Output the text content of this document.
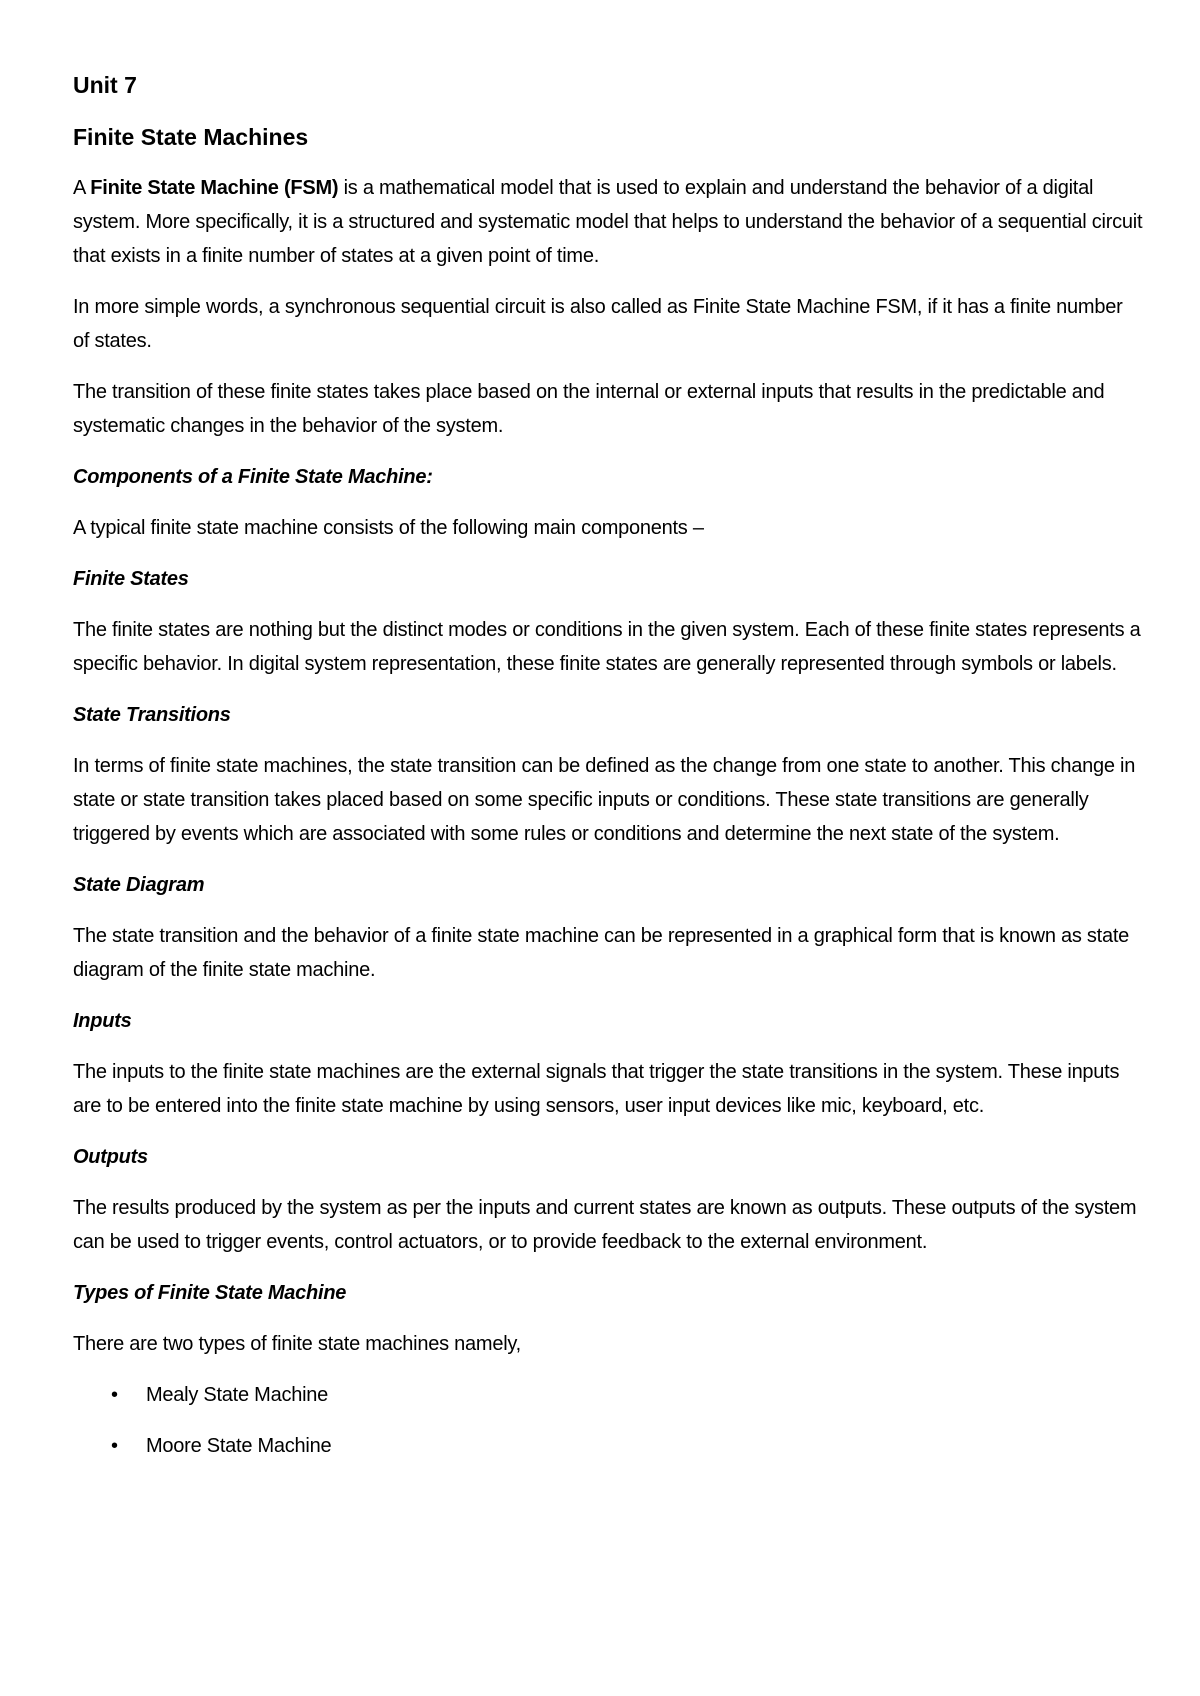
Unit 7
Finite State Machines

A Finite State Machine (FSM) is a mathematical model that is used to explain and understand the behavior of a digital system. More specifically, it is a structured and systematic model that helps to understand the behavior of a sequential circuit that exists in a finite number of states at a given point of time.

In more simple words, a synchronous sequential circuit is also called as Finite State Machine FSM, if it has a finite number of states.

The transition of these finite states takes place based on the internal or external inputs that results in the predictable and systematic changes in the behavior of the system.

Components of a Finite State Machine:

A typical finite state machine consists of the following main components –

Finite States

The finite states are nothing but the distinct modes or conditions in the given system. Each of these finite states represents a specific behavior. In digital system representation, these finite states are generally represented through symbols or labels.

State Transitions

In terms of finite state machines, the state transition can be defined as the change from one state to another. This change in state or state transition takes placed based on some specific inputs or conditions. These state transitions are generally triggered by events which are associated with some rules or conditions and determine the next state of the system.

State Diagram

The state transition and the behavior of a finite state machine can be represented in a graphical form that is known as state diagram of the finite state machine.

Inputs

The inputs to the finite state machines are the external signals that trigger the state transitions in the system. These inputs are to be entered into the finite state machine by using sensors, user input devices like mic, keyboard, etc.

Outputs

The results produced by the system as per the inputs and current states are known as outputs. These outputs of the system can be used to trigger events, control actuators, or to provide feedback to the external environment.

Types of Finite State Machine

There are two types of finite state machines namely,

• Mealy State Machine
• Moore State Machine
